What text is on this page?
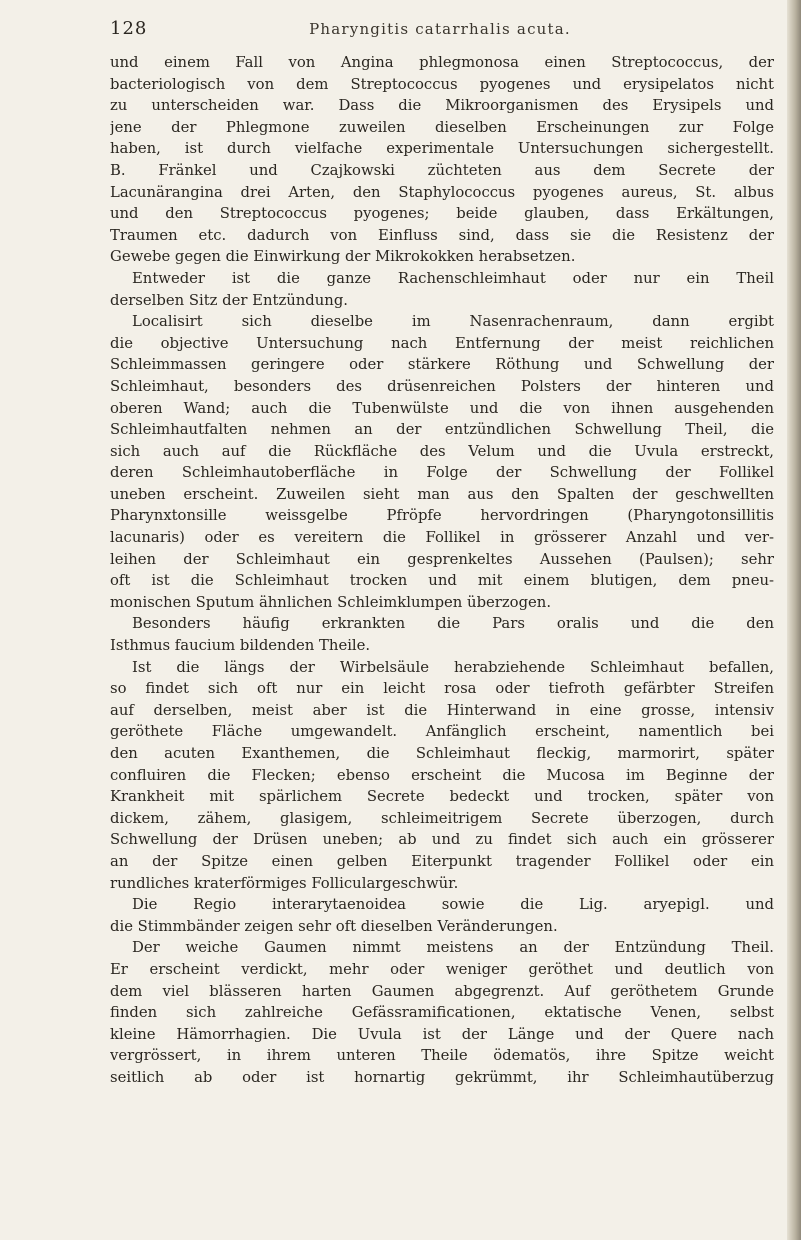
128	Pharyngitis catarrhalis acuta.
und einem Fall von Angina phlegmonosa einen Streptococcus, der
bacteriologisch von dem Streptococcus pyogenes und erysipelatos nicht
zu unterscheiden war. Dass die Mikroorganismen des Erysipels und
jene der Phlegmone zuweilen dieselben Erscheinungen zur Folge
haben, ist durch vielfache experimentale Untersuchungen sichergestellt.
B. Fränkel und Czajkowski züchteten aus dem Secrete der
Lacunärangina drei Arten, den Staphylococcus pyogenes aureus, St. albus
und den Streptococcus pyogenes; beide glauben, dass Erkältungen,
Traumen etc. dadurch von Einfluss sind, dass sie die Resistenz der
Gewebe gegen die Einwirkung der Mikrokokken herabsetzen.
Entweder ist die ganze Rachenschleimhaut oder nur ein Theil
derselben Sitz der Entzündung.
Localisirt sich dieselbe im Nasenrachenraum, dann ergibt
die objective Untersuchung nach Entfernung der meist reichlichen
Schleimmassen geringere oder stärkere Röthung und Schwellung der
Schleimhaut, besonders des drüsenreichen Polsters der hinteren und
oberen Wand; auch die Tubenwülste und die von ihnen ausgehenden
Schleimhautfalten nehmen an der entzündlichen Schwellung Theil, die
sich auch auf die Rückfläche des Velum und die Uvula erstreckt,
deren Schleimhautoberfläche in Folge der Schwellung der Follikel
uneben erscheint. Zuweilen sieht man aus den Spalten der geschwellten
Pharynxtonsille weissgelbe Pfröpfe hervordringen (Pharyngotonsillitis
lacunaris) oder es vereitern die Follikel in grösserer Anzahl und ver-
leihen der Schleimhaut ein gesprenkeltes Aussehen (Paulsen); sehr
oft ist die Schleimhaut trocken und mit einem blutigen, dem pneu-
monischen Sputum ähnlichen Schleimklumpen überzogen.
Besonders häufig erkrankten die Pars oralis und die den
Isthmus faucium bildenden Theile.
Ist die längs der Wirbelsäule herabziehende Schleimhaut befallen,
so findet sich oft nur ein leicht rosa oder tiefroth gefärbter Streifen
auf derselben, meist aber ist die Hinterwand in eine grosse, intensiv
geröthete Fläche umgewandelt. Anfänglich erscheint, namentlich bei
den acuten Exanthemen, die Schleimhaut fleckig, marmorirt, später
confluiren die Flecken; ebenso erscheint die Mucosa im Beginne der
Krankheit mit spärlichem Secrete bedeckt und trocken, später von
dickem, zähem, glasigem, schleimeitrigem Secrete überzogen, durch
Schwellung der Drüsen uneben; ab und zu findet sich auch ein grösserer
an der Spitze einen gelben Eiterpunkt tragender Follikel oder ein
rundliches kraterförmiges Folliculargeschwür.
Die Regio interarytaenoidea sowie die Lig. aryepigl. und
die Stimmbänder zeigen sehr oft dieselben Veränderungen.
Der weiche Gaumen nimmt meistens an der Entzündung Theil.
Er erscheint verdickt, mehr oder weniger geröthet und deutlich von
dem viel blässeren harten Gaumen abgegrenzt. Auf geröthetem Grunde
finden sich zahlreiche Gefässramificationen, ektatische Venen, selbst
kleine Hämorrhagien. Die Uvula ist der Länge und der Quere nach
vergrössert, in ihrem unteren Theile ödematös, ihre Spitze weicht
seitlich ab oder ist hornartig gekrümmt, ihr Schleimhautüberzug
